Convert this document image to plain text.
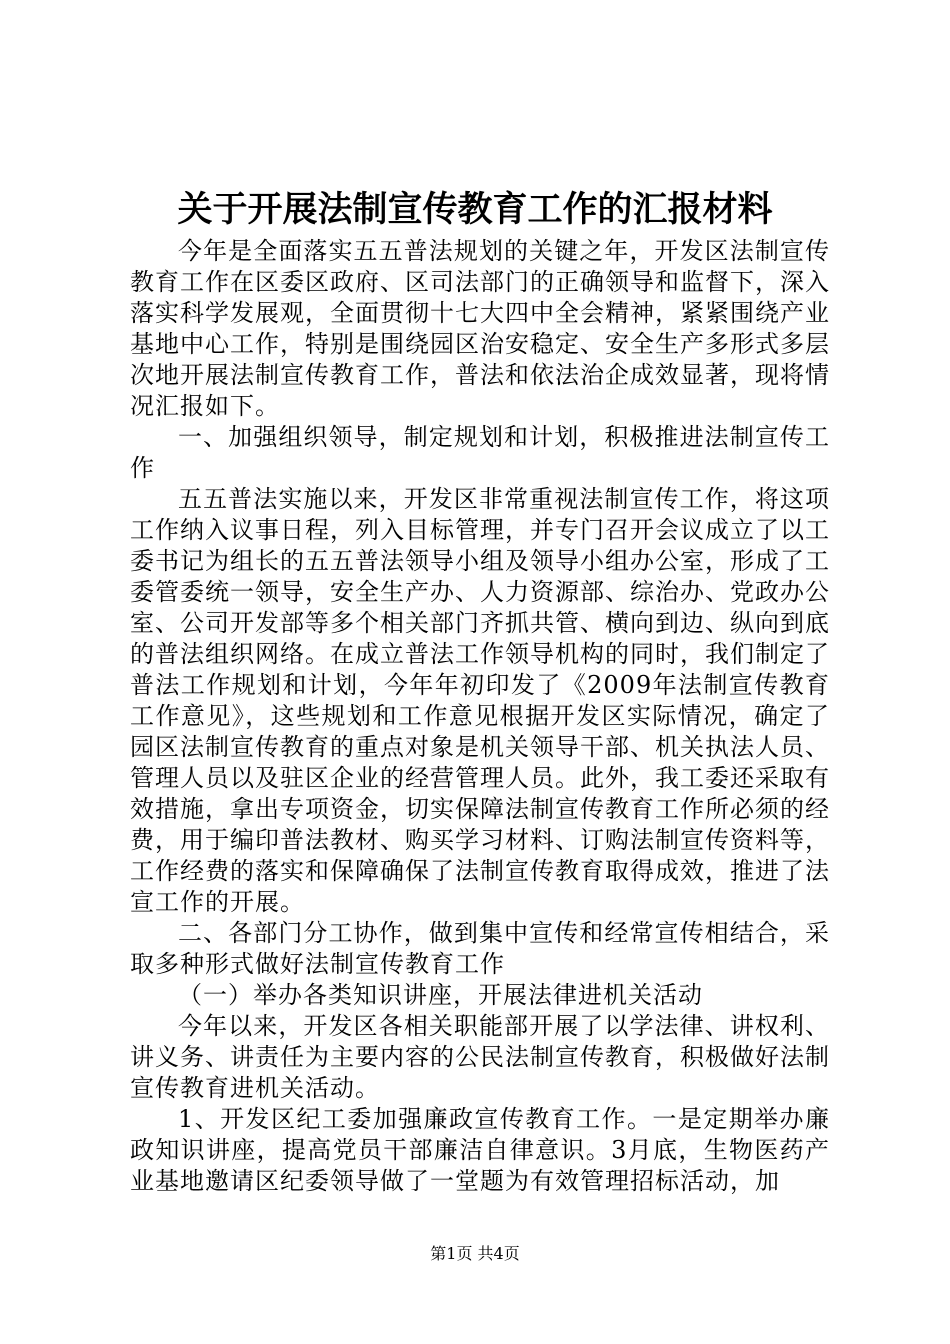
关于开展法制宣传教育工作的汇报材料

今年是全面落实五五普法规划的关键之年，开发区法制宣传教育工作在区委区政府、区司法部门的正确领导和监督下，深入落实科学发展观，全面贯彻十七大四中全会精神，紧紧围绕产业基地中心工作，特别是围绕园区治安稳定、安全生产多形式多层次地开展法制宣传教育工作，普法和依法治企成效显著，现将情况汇报如下。

一、加强组织领导，制定规划和计划，积极推进法制宣传工作

五五普法实施以来，开发区非常重视法制宣传工作，将这项工作纳入议事日程，列入目标管理，并专门召开会议成立了以工委书记为组长的五五普法领导小组及领导小组办公室，形成了工委管委统一领导，安全生产办、人力资源部、综治办、党政办公室、公司开发部等多个相关部门齐抓共管、横向到边、纵向到底的普法组织网络。在成立普法工作领导机构的同时，我们制定了普法工作规划和计划，今年年初印发了《2009年法制宣传教育工作意见》，这些规划和工作意见根据开发区实际情况，确定了园区法制宣传教育的重点对象是机关领导干部、机关执法人员、管理人员以及驻区企业的经营管理人员。此外，我工委还采取有效措施，拿出专项资金，切实保障法制宣传教育工作所必须的经费，用于编印普法教材、购买学习材料、订购法制宣传资料等，工作经费的落实和保障确保了法制宣传教育取得成效，推进了法宣工作的开展。

二、各部门分工协作，做到集中宣传和经常宣传相结合，采取多种形式做好法制宣传教育工作

（一）举办各类知识讲座，开展法律进机关活动

今年以来，开发区各相关职能部开展了以学法律、讲权利、讲义务、讲责任为主要内容的公民法制宣传教育，积极做好法制宣传教育进机关活动。

1、开发区纪工委加强廉政宣传教育工作。一是定期举办廉政知识讲座，提高党员干部廉洁自律意识。3月底，生物医药产业基地邀请区纪委领导做了一堂题为有效管理招标活动，加

第1页 共4页
